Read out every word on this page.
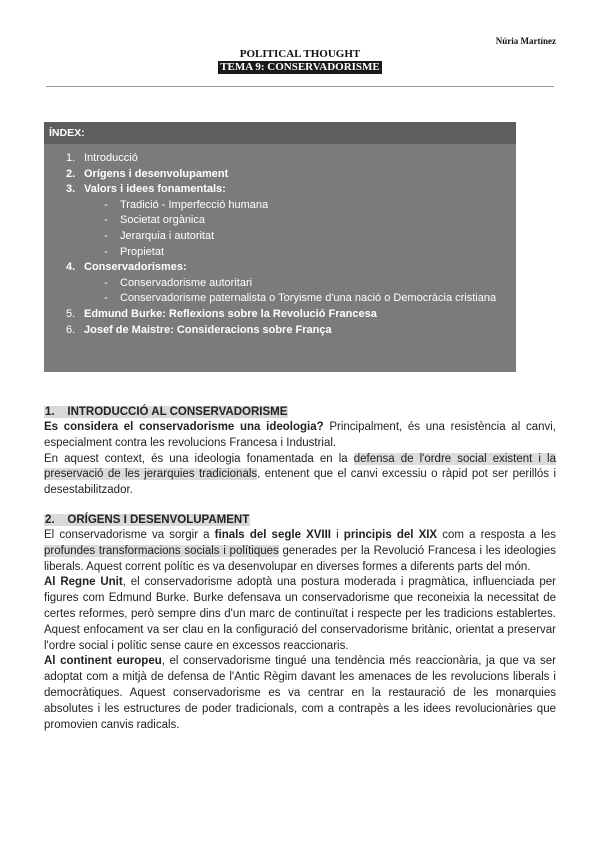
Núria Martínez
POLITICAL THOUGHT
TEMA 9: CONSERVADORISME
ÍNDEX:
1. Introducció
2. Orígens i desenvolupament
3. Valors i idees fonamentals:
- Tradició - Imperfecció humana
- Societat orgànica
- Jerarquia i autoritat
- Propietat
4. Conservadorismes:
- Conservadorisme autoritari
- Conservadorisme paternalista o Toryisme d'una nació o Democràcia cristiana
5. Edmund Burke: Reflexions sobre la Revolució Francesa
6. Josef de Maistre: Consideracions sobre França

1.    INTRODUCCIÓ AL CONSERVADORISME

Es considera el conservadorisme una ideologia? Principalment, és una resistència al canvi, especialment contra les revolucions Francesa i Industrial.

En aquest context, és una ideologia fonamentada en la defensa de l'ordre social existent i la preservació de les jerarquies tradicionals, entenent que el canvi excessiu o ràpid pot ser perillós i desestabilitzador.

2.    ORÍGENS I DESENVOLUPAMENT

El conservadorisme va sorgir a finals del segle XVIII i principis del XIX com a resposta a les profundes transformacions socials i polítiques generades per la Revolució Francesa i les ideologies liberals. Aquest corrent polític es va desenvolupar en diverses formes a diferents parts del món.

Al Regne Unit, el conservadorisme adoptà una postura moderada i pragmàtica, influenciada per figures com Edmund Burke. Burke defensava un conservadorisme que reconeixia la necessitat de certes reformes, però sempre dins d'un marc de continuïtat i respecte per les tradicions establertes. Aquest enfocament va ser clau en la configuració del conservadorisme britànic, orientat a preservar l'ordre social i polític sense caure en excessos reaccionaris.

Al continent europeu, el conservadorisme tingué una tendència més reaccionària, ja que va ser adoptat com a mitjà de defensa de l'Antic Règim davant les amenaces de les revolucions liberals i democràtiques. Aquest conservadorisme es va centrar en la restauració de les monarquies absolutes i les estructures de poder tradicionals, com a contrapès a les idees revolucionàries que promovien canvis radicals.
